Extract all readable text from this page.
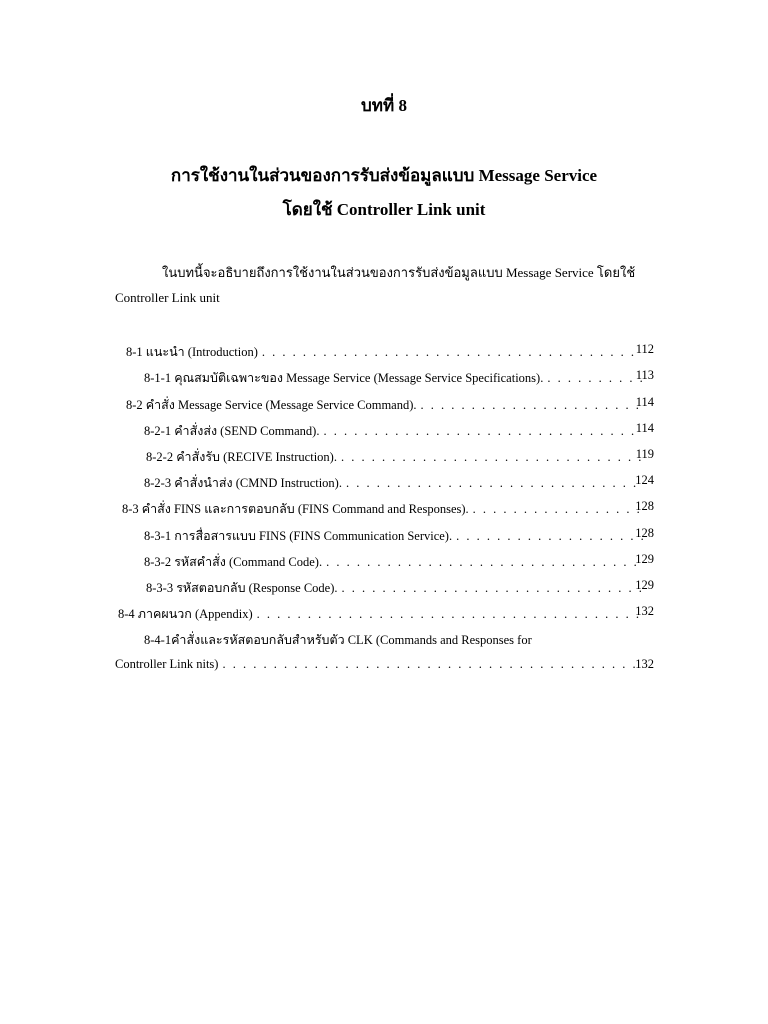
บทที่ 8
การใช้งานในส่วนของการรับส่งข้อมูลแบบ Message Service
โดยใช้ Controller Link unit
ในบทนี้จะอธิบายถึงการใช้งานในส่วนของการรับส่งข้อมูลแบบ Message Service โดยใช้
Controller Link unit
8-1 แนะนำ (Introduction) . . .	112
8-1-1 คุณสมบัติเฉพาะของ Message Service (Message Service Specifications). . . .	113
8-2 คำสั่ง Message Service (Message Service Command). . . .	114
8-2-1 คำสั่งส่ง (SEND Command). . . .	114
8-2-2 คำสั่งรับ (RECIVE Instruction). . . .	119
8-2-3 คำสั่งนำส่ง (CMND Instruction). . . .	124
8-3 คำสั่ง FINS และการตอบกลับ (FINS Command and Responses). . . .	128
8-3-1 การสื่อสารแบบ FINS (FINS Communication Service). . . .	128
8-3-2 รหัสคำสั่ง (Command Code). . . .	129
8-3-3 รหัสตอบกลับ (Response Code). . . .	129
8-4 ภาคผนวก (Appendix) . . .	132
8-4-1คำสั่งและรหัสตอบกลับสำหรับตัว CLK (Commands and Responses for
Controller Link nits) . . .	132
